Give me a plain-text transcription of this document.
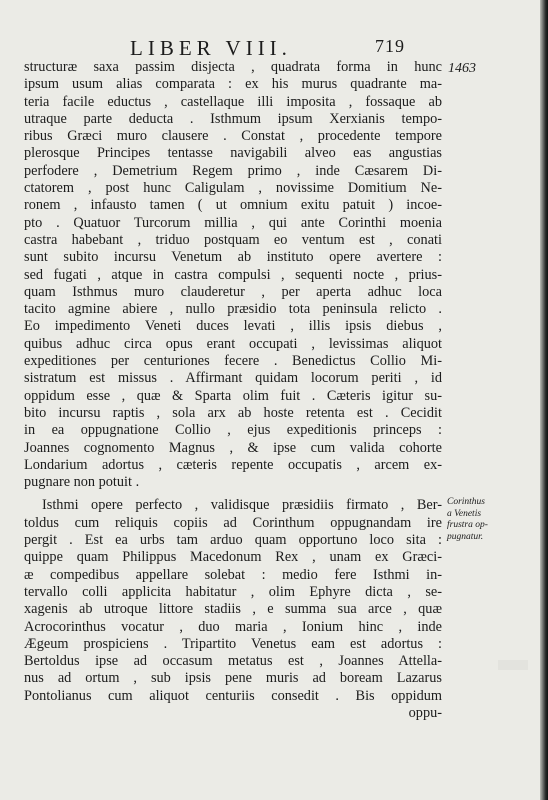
LIBER VIII.	719
1463
structuræ saxa passim disjecta , quadrata forma in hunc
ipsum usum alias comparata : ex his murus quadrante ma-
teria facile eductus , castellaque illi imposita , fossaque ab
utraque parte deducta . Isthmum ipsum Xerxianis tempo-
ribus Græci muro clausere . Constat , procedente tempore
plerosque Principes tentasse navigabili alveo eas angustias
perfodere , Demetrium Regem primo , inde Cæsarem Di-
ctatorem , post hunc Caligulam , novissime Domitium Ne-
ronem , infausto tamen ( ut omnium exitu patuit ) incoe-
pto . Quatuor Turcorum millia , qui ante Corinthi moenia
castra habebant , triduo postquam eo ventum est , conati
sunt subito incursu Venetum ab instituto opere avertere :
sed fugati , atque in castra compulsi , sequenti nocte , prius-
quam Isthmus muro clauderetur , per aperta adhuc loca
tacito agmine abiere , nullo præsidio tota peninsula relicto .
Eo impedimento Veneti duces levati , illis ipsis diebus ,
quibus adhuc circa opus erant occupati , levissimas aliquot
expeditiones per centuriones fecere . Benedictus Collio Mi-
sistratum est missus . Affirmant quidam locorum periti , id
oppidum esse , quæ & Sparta olim fuit . Cæteris igitur su-
bito incursu raptis , sola arx ab hoste retenta est . Cecidit
in ea oppugnatione Collio , ejus expeditionis princeps :
Joannes cognomento Magnus , & ipse cum valida cohorte
Londarium adortus , cæteris repente occupatis , arcem ex-
pugnare non potuit .
Isthmi opere perfecto , validisque præsidiis firmato , Ber-
toldus cum reliquis copiis ad Corinthum oppugnandam ire
pergit . Est ea urbs tam arduo quam opportuno loco sita :
quippe quam Philippus Macedonum Rex , unam ex Græci-
æ compedibus appellare solebat : medio fere Isthmi in-
tervallo colli applicita habitatur , olim Ephyre dicta , se-
xagenis ab utroque littore stadiis , e summa sua arce , quæ
Acrocorinthus vocatur , duo maria , Ionium hinc , inde
Ægeum prospiciens . Tripartito Venetus eam est adortus :
Bertoldus ipse ad occasum metatus est , Joannes Attella-
nus ad ortum , sub ipsis pene muris ad boream Lazarus
Pontolianus cum aliquot centuriis consedit . Bis oppidum
oppu-
Corinthus
a Venetis
frustra op-
pugnatur.
